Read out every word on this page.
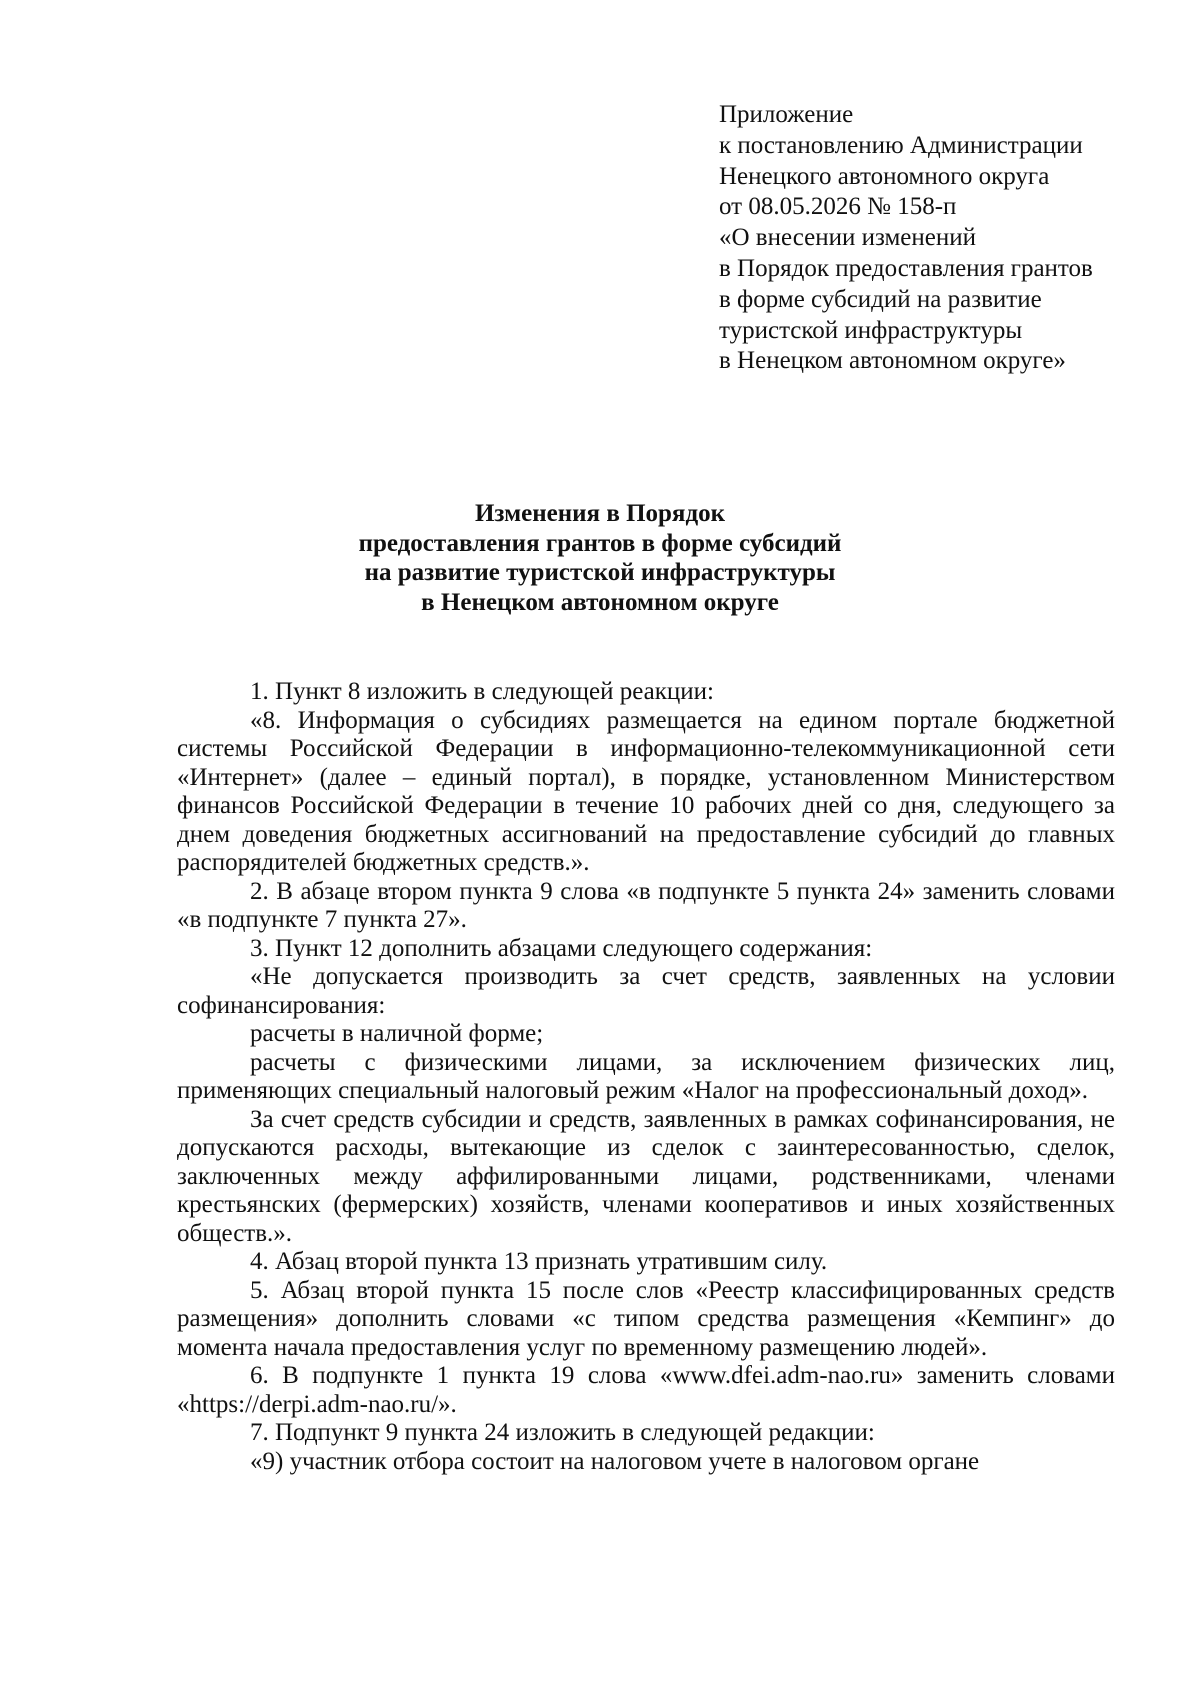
Приложение
к постановлению Администрации
Ненецкого автономного округа
от 08.05.2026 № 158-п
«О внесении изменений
в Порядок предоставления грантов
в форме субсидий на развитие
туристской инфраструктуры
в Ненецком автономном округе»
Изменения в Порядок
предоставления грантов в форме субсидий
на развитие туристской инфраструктуры
в Ненецком автономном округе

1. Пункт 8 изложить в следующей реакции:

«8. Информация о субсидиях размещается на едином портале бюджетной системы Российской Федерации в информационно-телекоммуникационной сети «Интернет» (далее – единый портал), в порядке, установленном Министерством финансов Российской Федерации в течение 10 рабочих дней со дня, следующего за днем доведения бюджетных ассигнований на предоставление субсидий до главных распорядителей бюджетных средств.».

2. В абзаце втором пункта 9 слова «в подпункте 5 пункта 24» заменить словами «в подпункте 7 пункта 27».

3. Пункт 12 дополнить абзацами следующего содержания:

«Не допускается производить за счет средств, заявленных на условии софинансирования:

расчеты в наличной форме;

расчеты с физическими лицами, за исключением физических лиц, применяющих специальный налоговый режим «Налог на профессиональный доход».

За счет средств субсидии и средств, заявленных в рамках софинансирования, не допускаются расходы, вытекающие из сделок с заинтересованностью, сделок, заключенных между аффилированными лицами, родственниками, членами крестьянских (фермерских) хозяйств, членами кооперативов и иных хозяйственных обществ.».

4. Абзац второй пункта 13 признать утратившим силу.

5. Абзац второй пункта 15 после слов «Реестр классифицированных средств размещения» дополнить словами «с типом средства размещения «Кемпинг» до момента начала предоставления услуг по временному размещению людей».

6. В подпункте 1 пункта 19 слова «www.dfei.adm-nao.ru» заменить словами «https://derpi.adm-nao.ru/».

7. Подпункт 9 пункта 24 изложить в следующей редакции:

«9) участник отбора состоит на налоговом учете в налоговом органе
